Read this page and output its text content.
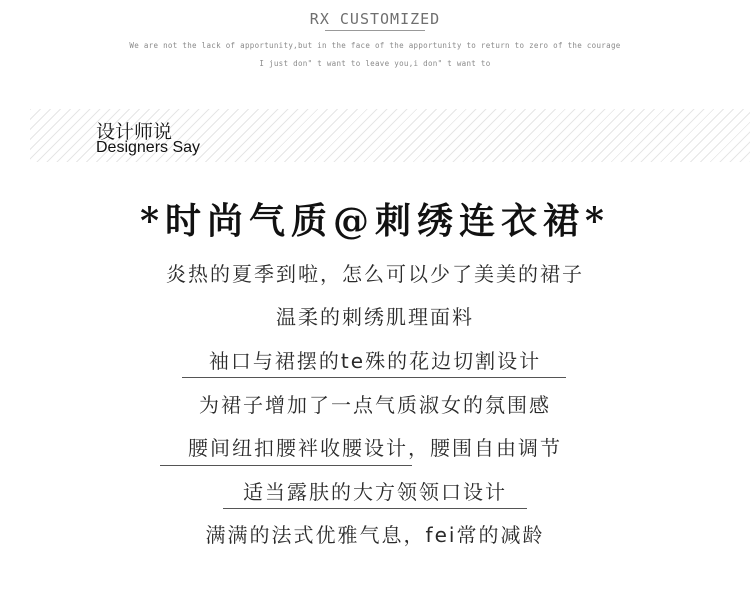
RX CUSTOMIZED
We are not the lack of apportunity,but in the face of the apportunity to return to zero of the courage
I just don" t want to leave you,i don" t want to
设计师说
Designers Say
*时尚气质@刺绣连衣裙*
炎热的夏季到啦，怎么可以少了美美的裙子
温柔的刺绣肌理面料
袖口与裙摆的te殊的花边切割设计
为裙子增加了一点气质淑女的氛围感
腰间纽扣腰袢收腰设计，腰围自由调节
适当露肤的大方领领口设计
满满的法式优雅气息，fei常的减龄
